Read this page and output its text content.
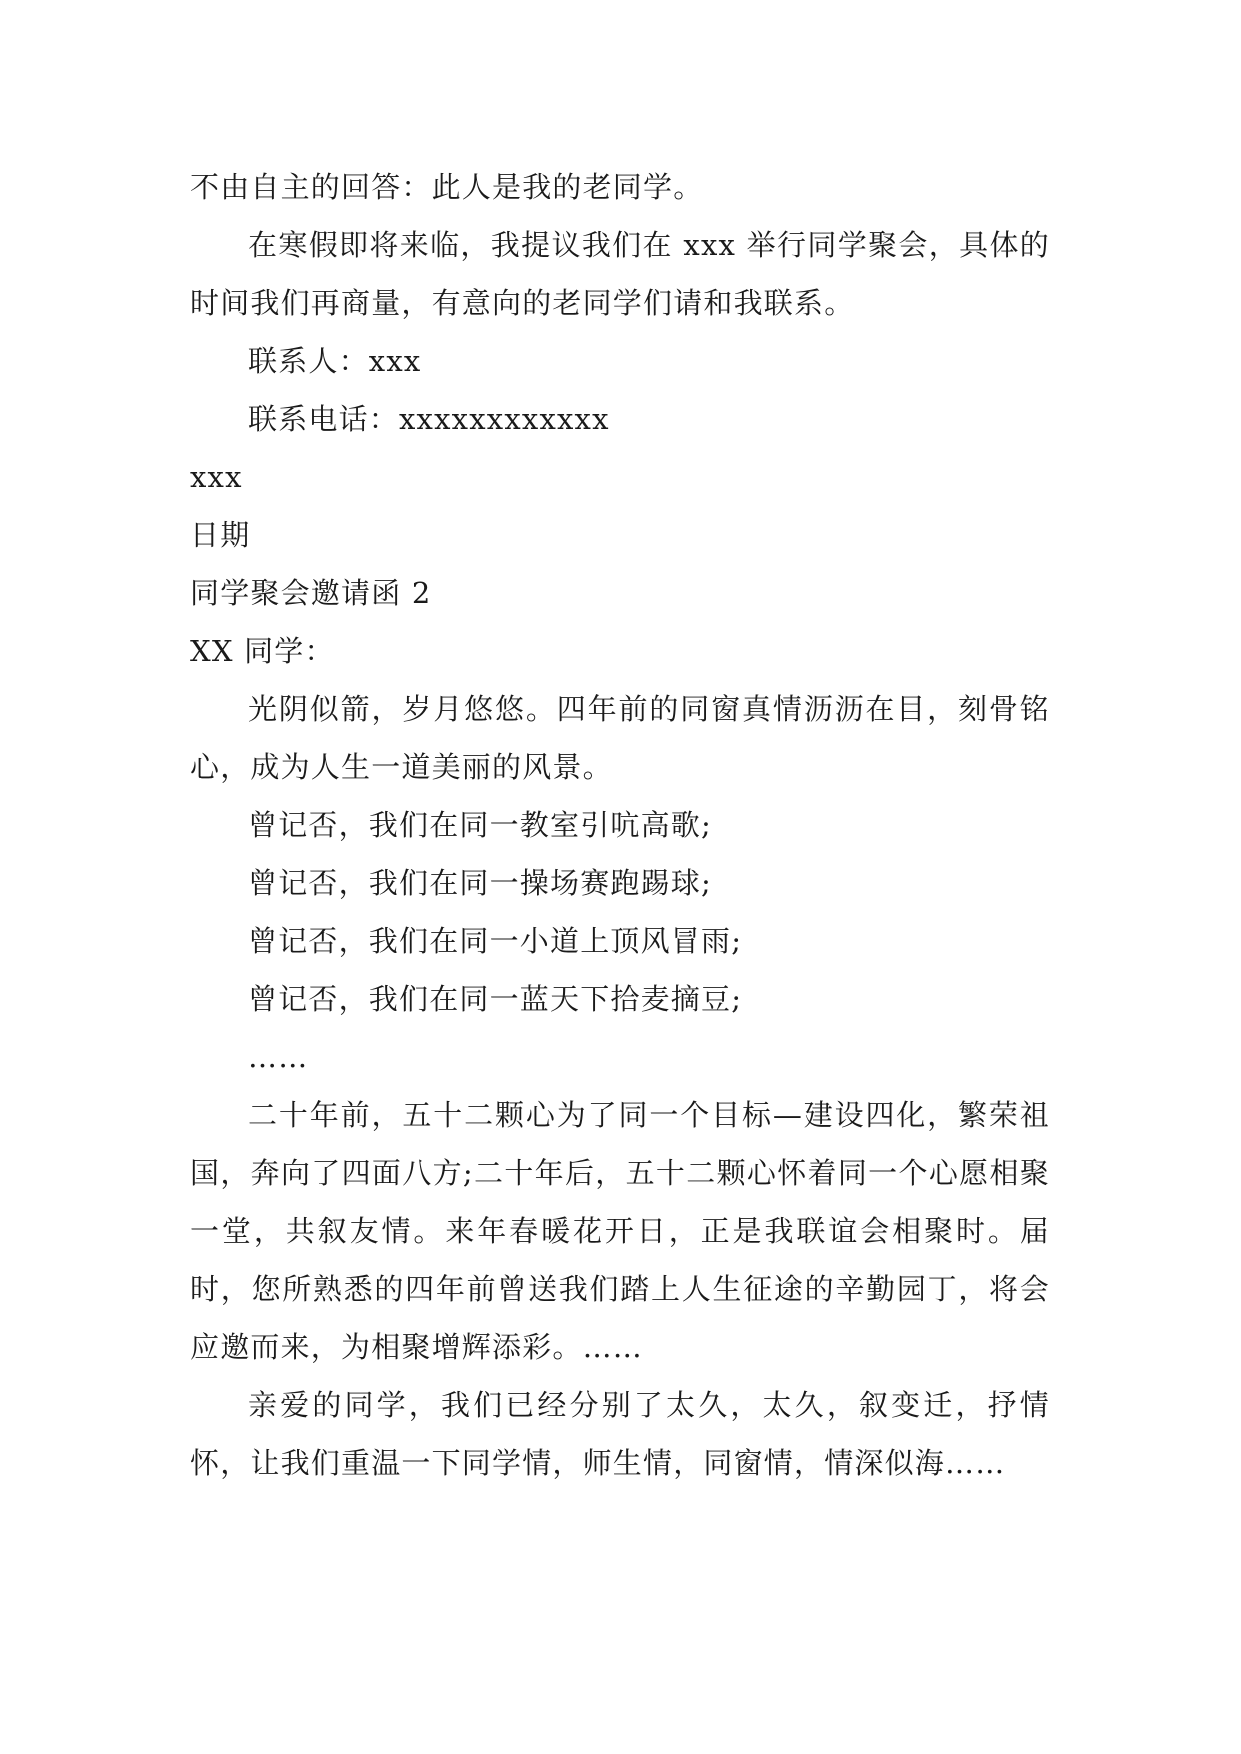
不由自主的回答：此人是我的老同学。

在寒假即将来临，我提议我们在 xxx 举行同学聚会，具体的时间我们再商量，有意向的老同学们请和我联系。

联系人：xxx

联系电话：xxxxxxxxxxxx

xxx

日期

同学聚会邀请函 2

XX 同学：

光阴似箭，岁月悠悠。四年前的同窗真情沥沥在目，刻骨铭心，成为人生一道美丽的风景。

曾记否，我们在同一教室引吭高歌;

曾记否，我们在同一操场赛跑踢球;

曾记否，我们在同一小道上顶风冒雨;

曾记否，我们在同一蓝天下拾麦摘豆;

……

二十年前，五十二颗心为了同一个目标—建设四化，繁荣祖国，奔向了四面八方;二十年后，五十二颗心怀着同一个心愿相聚一堂，共叙友情。来年春暖花开日，正是我联谊会相聚时。届时，您所熟悉的四年前曾送我们踏上人生征途的辛勤园丁，将会应邀而来，为相聚增辉添彩。……

亲爱的同学，我们已经分别了太久，太久，叙变迁，抒情怀，让我们重温一下同学情，师生情，同窗情，情深似海……
